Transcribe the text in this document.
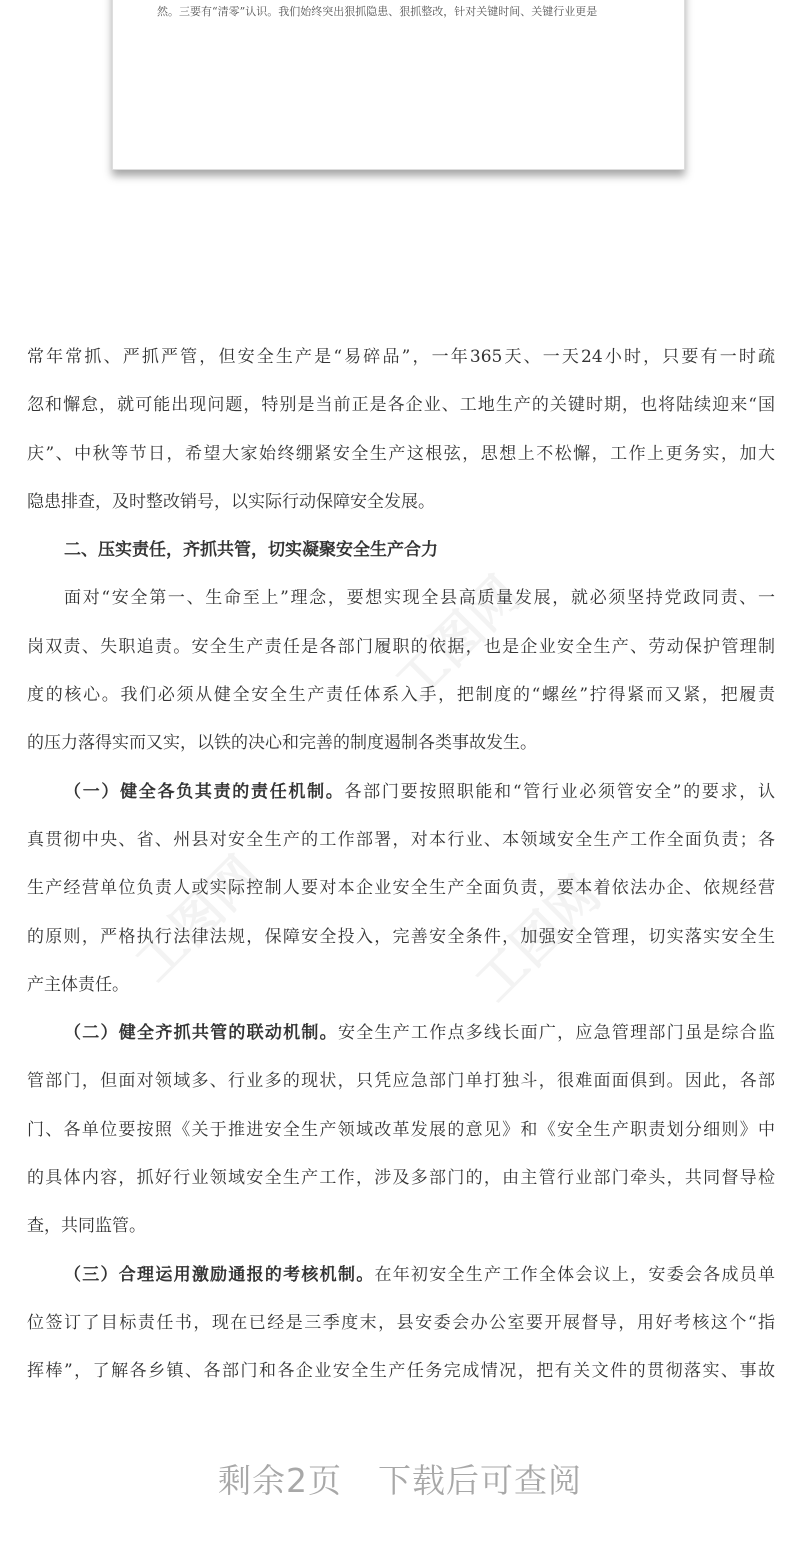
然。三要有“清零”认识。我们始终突出狠抓隐患、狠抓整改，针对关键时间、关键行业更是

工图网
工图网
工图网
常年常抓、严抓严管，但安全生产是“易碎品”，一年365天、一天24小时，只要有一时疏
忽和懈怠，就可能出现问题，特别是当前正是各企业、工地生产的关键时期，也将陆续迎来“国
庆”、中秋等节日，希望大家始终绷紧安全生产这根弦，思想上不松懈，工作上更务实，加大
隐患排查，及时整改销号，以实际行动保障安全发展。
二、压实责任，齐抓共管，切实凝聚安全生产合力
面对“安全第一、生命至上”理念，要想实现全县高质量发展，就必须坚持党政同责、一
岗双责、失职追责。安全生产责任是各部门履职的依据，也是企业安全生产、劳动保护管理制
度的核心。我们必须从健全安全生产责任体系入手，把制度的“螺丝”拧得紧而又紧，把履责
的压力落得实而又实，以铁的决心和完善的制度遏制各类事故发生。
（一）健全各负其责的责任机制。各部门要按照职能和“管行业必须管安全”的要求，认
真贯彻中央、省、州县对安全生产的工作部署，对本行业、本领域安全生产工作全面负责；各
生产经营单位负责人或实际控制人要对本企业安全生产全面负责，要本着依法办企、依规经营
的原则，严格执行法律法规，保障安全投入，完善安全条件，加强安全管理，切实落实安全生
产主体责任。
（二）健全齐抓共管的联动机制。安全生产工作点多线长面广，应急管理部门虽是综合监
管部门，但面对领域多、行业多的现状，只凭应急部门单打独斗，很难面面俱到。因此，各部
门、各单位要按照《关于推进安全生产领域改革发展的意见》和《安全生产职责划分细则》中
的具体内容，抓好行业领域安全生产工作，涉及多部门的，由主管行业部门牵头，共同督导检
查，共同监管。
（三）合理运用激励通报的考核机制。在年初安全生产工作全体会议上，安委会各成员单
位签订了目标责任书，现在已经是三季度末，县安委会办公室要开展督导，用好考核这个“指
挥棒”，了解各乡镇、各部门和各企业安全生产任务完成情况，把有关文件的贯彻落实、事故
剩余2页 下载后可查阅
